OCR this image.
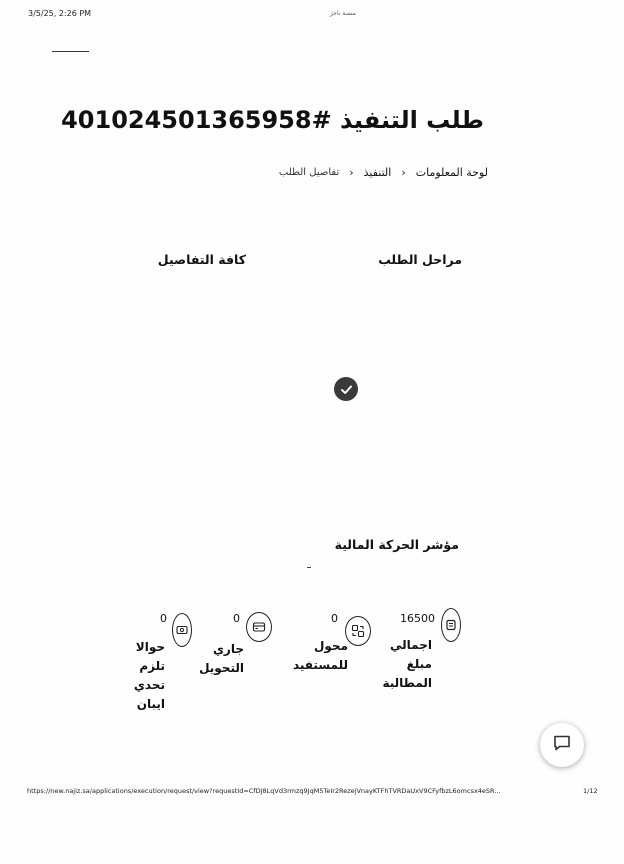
3/5/25, 2:26 PM	منصة ناجز
طلب التنفيذ #401024501365958
لوحة المعلومات
‹
التنفيذ
‹
تفاصيل الطلب
مراحل الطلب
كافة التفاصيل
مؤشر الحركة المالية
16500
اجمالي
مبلغ
المطالبة
0
محول
للمستفيد
0
جاري
التحويل
0
حوالا
تلزم
تحدي
ايبان
https://new.najiz.sa/applications/execution/request/view?requestId=CfDJ8LqVd3rmzq9JqM5TeIr2RezejVnayKTFhTVRDaUxV9CFyfbzL6omcsx4eSR...	1/12
